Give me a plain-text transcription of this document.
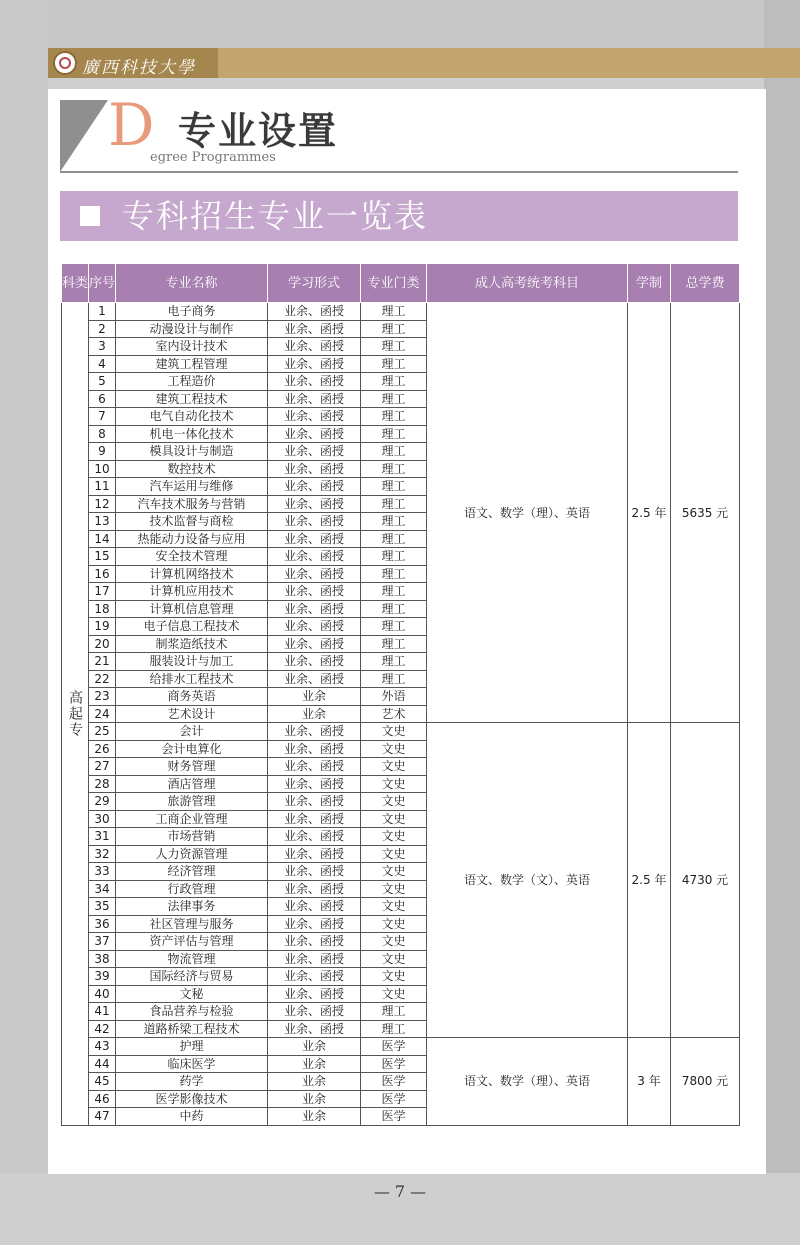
廣西科技大學
D 专业设置
egree Programmes
专科招生专业一览表
科类	序号	专业名称	学习形式	专业门类	成人高考统考科目	学制	总学费
高起专	1	电子商务	业余、函授	理工	语文、数学（理）、英语	2.5 年	5635 元
	2	动漫设计与制作	业余、函授	理工			
	3	室内设计技术	业余、函授	理工			
	4	建筑工程管理	业余、函授	理工			
	5	工程造价	业余、函授	理工			
	6	建筑工程技术	业余、函授	理工			
	7	电气自动化技术	业余、函授	理工			
	8	机电一体化技术	业余、函授	理工			
	9	模具设计与制造	业余、函授	理工			
	10	数控技术	业余、函授	理工			
	11	汽车运用与维修	业余、函授	理工			
	12	汽车技术服务与营销	业余、函授	理工			
	13	技术监督与商检	业余、函授	理工			
	14	热能动力设备与应用	业余、函授	理工			
	15	安全技术管理	业余、函授	理工			
	16	计算机网络技术	业余、函授	理工			
	17	计算机应用技术	业余、函授	理工			
	18	计算机信息管理	业余、函授	理工			
	19	电子信息工程技术	业余、函授	理工			
	20	制浆造纸技术	业余、函授	理工			
	21	服装设计与加工	业余、函授	理工			
	22	给排水工程技术	业余、函授	理工			
	23	商务英语	业余	外语			
	24	艺术设计	业余	艺术			
	25	会计	业余、函授	文史	语文、数学（文）、英语	2.5 年	4730 元
	26	会计电算化	业余、函授	文史			
	27	财务管理	业余、函授	文史			
	28	酒店管理	业余、函授	文史			
	29	旅游管理	业余、函授	文史			
	30	工商企业管理	业余、函授	文史			
	31	市场营销	业余、函授	文史			
	32	人力资源管理	业余、函授	文史			
	33	经济管理	业余、函授	文史			
	34	行政管理	业余、函授	文史			
	35	法律事务	业余、函授	文史			
	36	社区管理与服务	业余、函授	文史			
	37	资产评估与管理	业余、函授	文史			
	38	物流管理	业余、函授	文史			
	39	国际经济与贸易	业余、函授	文史			
	40	文秘	业余、函授	文史			
	41	食品营养与检验	业余、函授	理工			
	42	道路桥梁工程技术	业余、函授	理工			
	43	护理	业余	医学	语文、数学（理）、英语	3 年	7800 元
	44	临床医学	业余	医学			
	45	药学	业余	医学			
	46	医学影像技术	业余	医学			
	47	中药	业余	医学			
— 7 —
